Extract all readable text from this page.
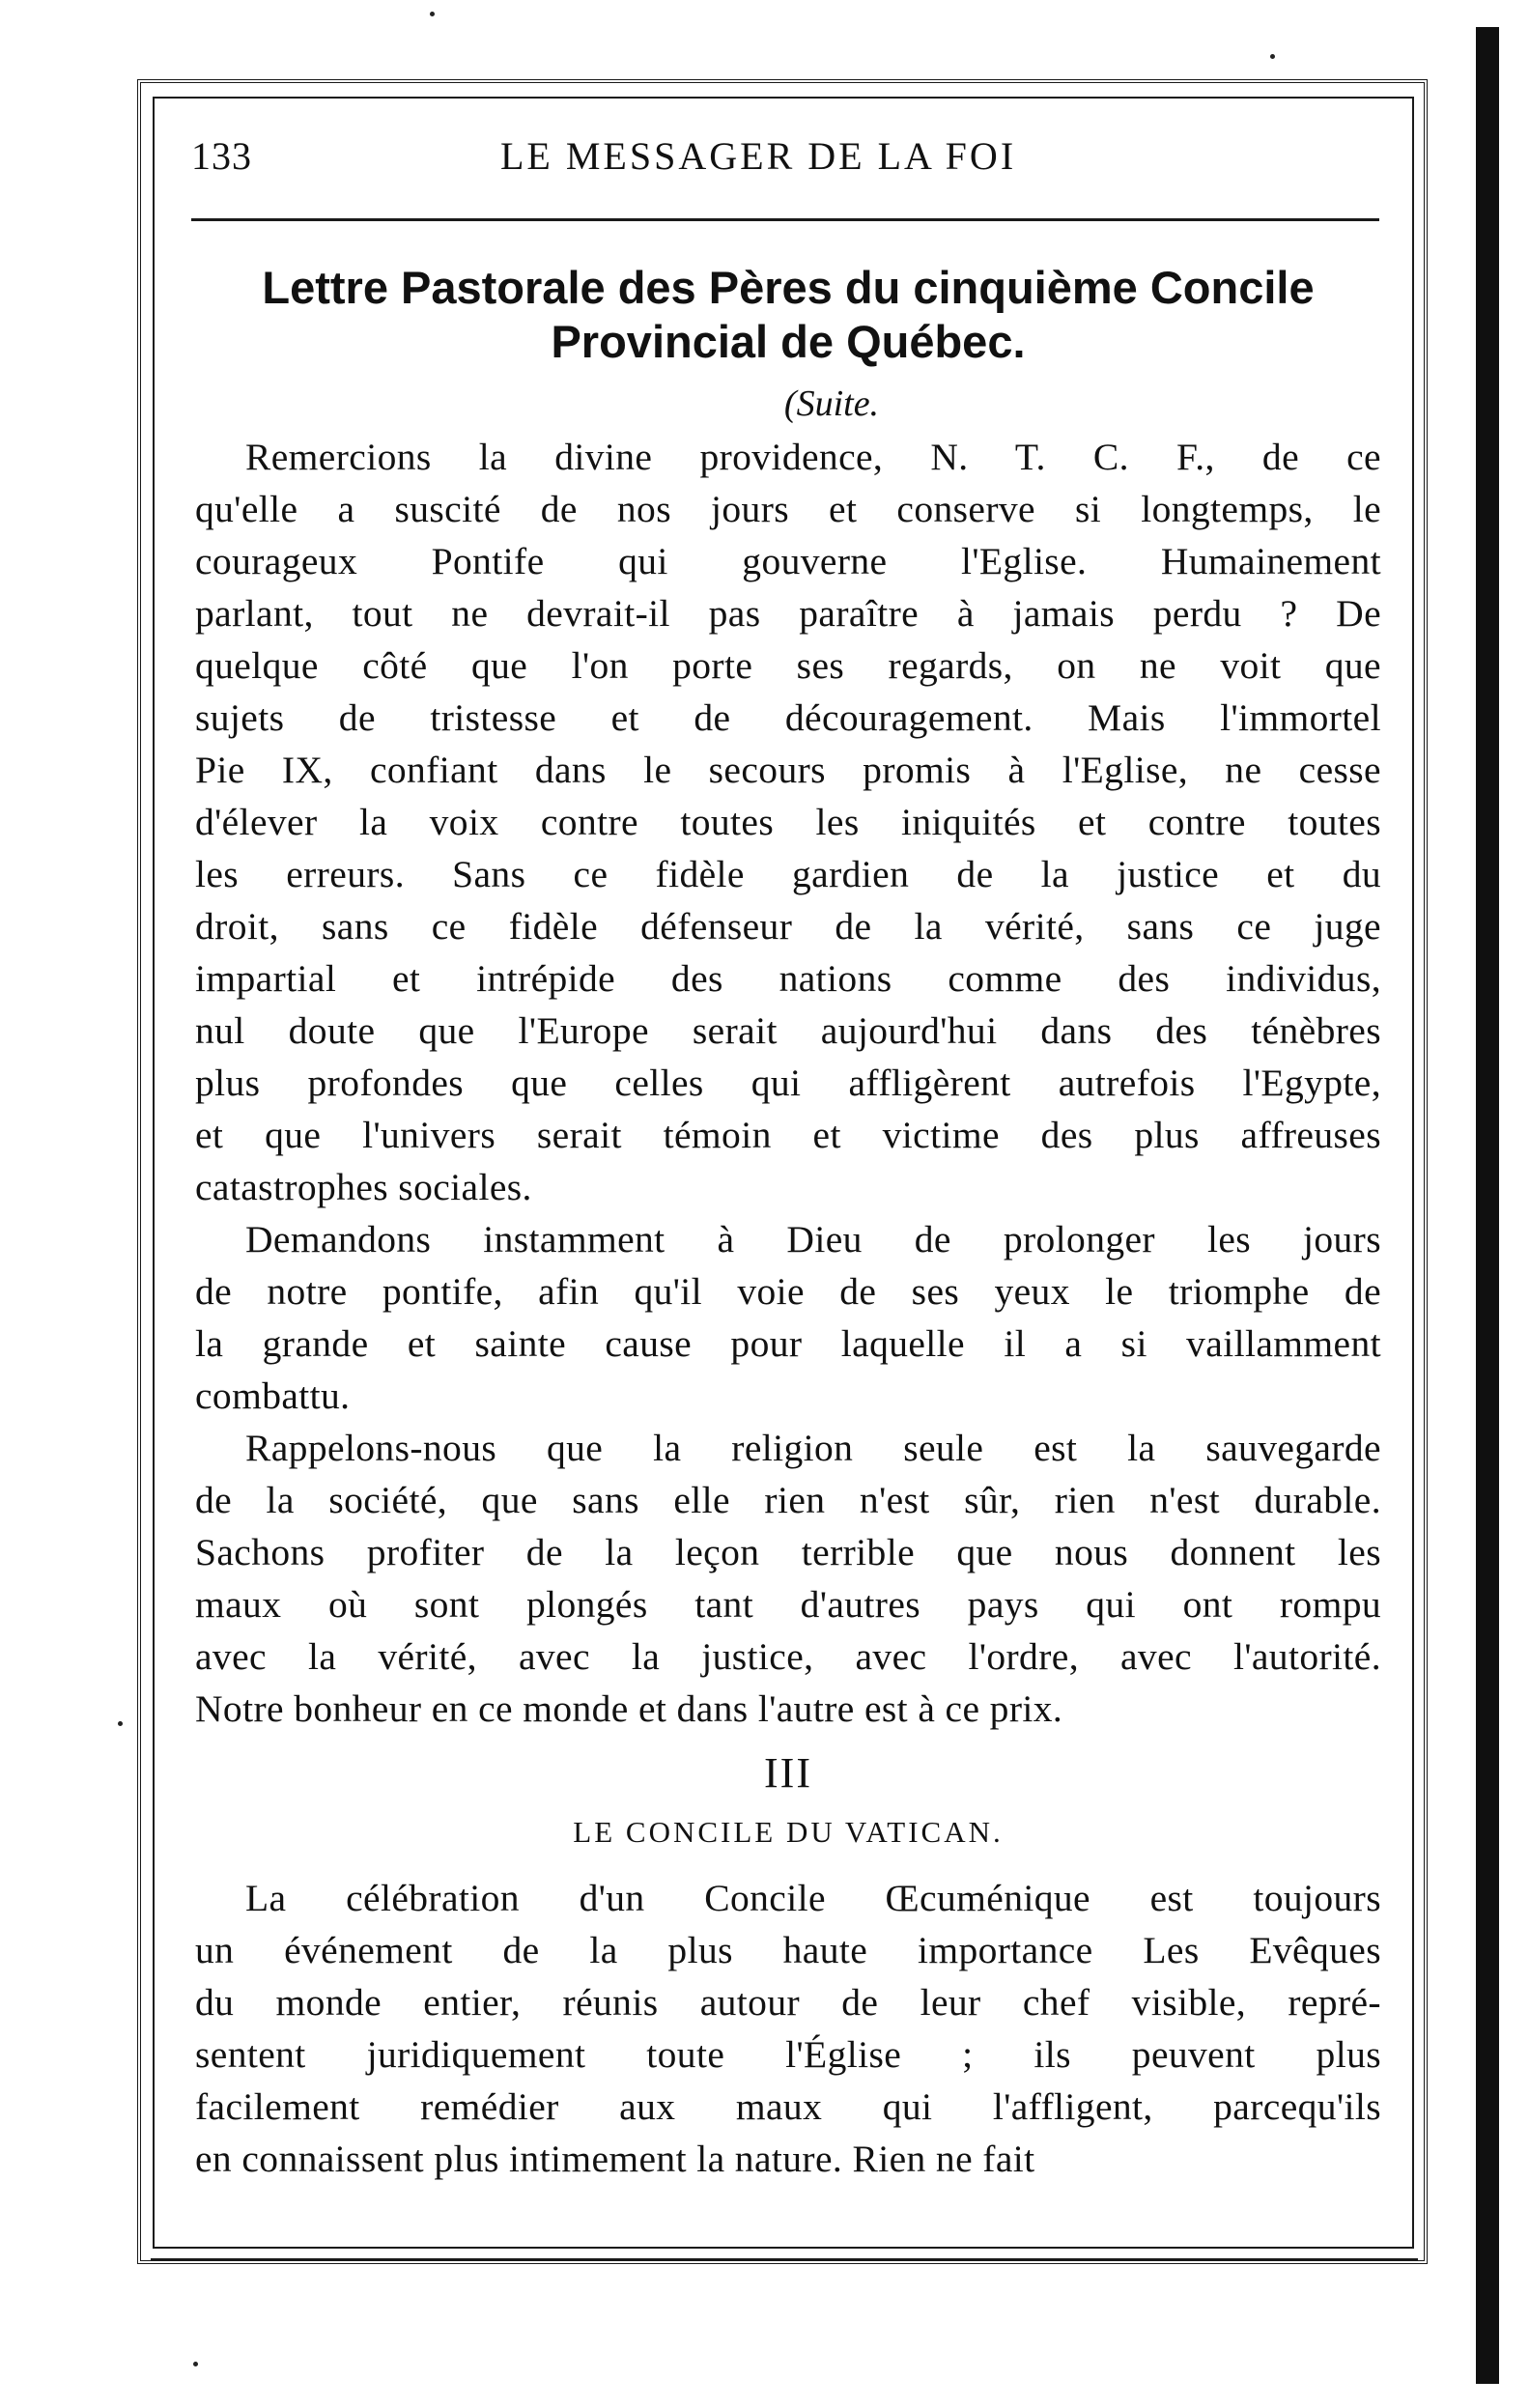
133	LE MESSAGER DE LA FOI
Lettre Pastorale des Pères du cinquième Concile
Provincial de Québec.
(Suite.

Remercions la divine providence, N. T. C. F., de ce
qu'elle a suscité de nos jours et conserve si longtemps, le
courageux Pontife qui gouverne l'Eglise. Humainement
parlant, tout ne devrait-il pas paraître à jamais perdu ? De
quelque côté que l'on porte ses regards, on ne voit que
sujets de tristesse et de découragement. Mais l'immortel
Pie IX, confiant dans le secours promis à l'Eglise, ne cesse
d'élever la voix contre toutes les iniquités et contre toutes
les erreurs. Sans ce fidèle gardien de la justice et du
droit, sans ce fidèle défenseur de la vérité, sans ce juge
impartial et intrépide des nations comme des individus,
nul doute que l'Europe serait aujourd'hui dans des ténèbres
plus profondes que celles qui affligèrent autrefois l'Egypte,
et que l'univers serait témoin et victime des plus affreuses
catastrophes sociales.

Demandons instamment à Dieu de prolonger les jours
de notre pontife, afin qu'il voie de ses yeux le triomphe de
la grande et sainte cause pour laquelle il a si vaillamment
combattu.

Rappelons-nous que la religion seule est la sauvegarde
de la société, que sans elle rien n'est sûr, rien n'est durable.
Sachons profiter de la leçon terrible que nous donnent les
maux où sont plongés tant d'autres pays qui ont rompu
avec la vérité, avec la justice, avec l'ordre, avec l'autorité.
Notre bonheur en ce monde et dans l'autre est à ce prix.

III
LE CONCILE DU VATICAN.

La célébration d'un Concile Œcuménique est toujours
un événement de la plus haute importance Les Evêques
du monde entier, réunis autour de leur chef visible, repré-
sentent juridiquement toute l'Église ; ils peuvent plus
facilement remédier aux maux qui l'affligent, parcequ'ils
en connaissent plus intimement la nature. Rien ne fait
